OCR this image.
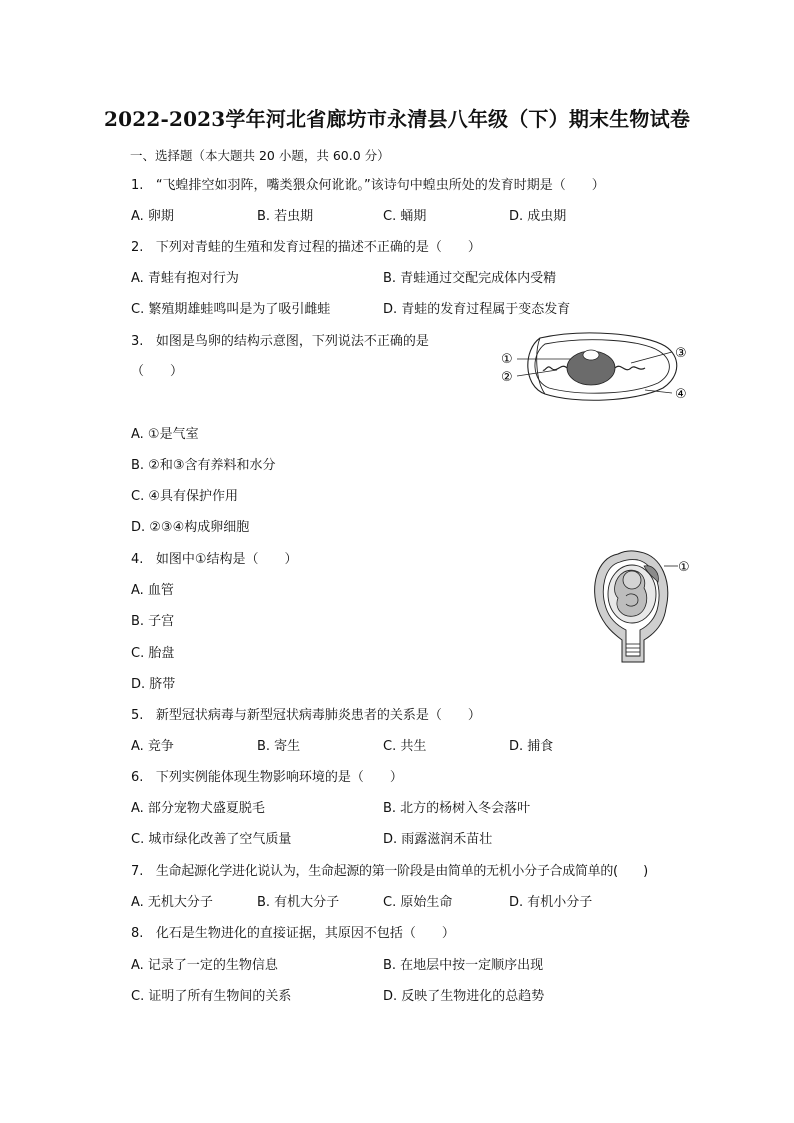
2022-2023学年河北省廊坊市永清县八年级（下）期末生物试卷
一、选择题（本大题共 20 小题，共 60.0 分）
1. “飞蝗排空如羽阵，嘴类猥众何讹讹。”该诗句中蝗虫所处的发育时期是（　　）
A. 卵期	B. 若虫期	C. 蛹期	D. 成虫期
2. 下列对青蛙的生殖和发育过程的描述不正确的是（　　）
A. 青蛙有抱对行为	B. 青蛙通过交配完成体内受精
C. 繁殖期雄蛙鸣叫是为了吸引雌蛙	D. 青蛙的发育过程属于变态发育
3. 如图是鸟卵的结构示意图，下列说法不正确的是
（　　）
①
②
③
④
A. ①是气室
B. ②和③含有养料和水分
C. ④具有保护作用
D. ②③④构成卵细胞
4. 如图中①结构是（　　）
①
A. 血管
B. 子宫
C. 胎盘
D. 脐带
5. 新型冠状病毒与新型冠状病毒肺炎患者的关系是（　　）
A. 竞争	B. 寄生	C. 共生	D. 捕食
6. 下列实例能体现生物影响环境的是（　　）
A. 部分宠物犬盛夏脱毛	B. 北方的杨树入冬会落叶
C. 城市绿化改善了空气质量	D. 雨露滋润禾苗壮
7. 生命起源化学进化说认为，生命起源的第一阶段是由简单的无机小分子合成简单的(　　)
A. 无机大分子	B. 有机大分子	C. 原始生命	D. 有机小分子
8. 化石是生物进化的直接证据，其原因不包括（　　）
A. 记录了一定的生物信息	B. 在地层中按一定顺序出现
C. 证明了所有生物间的关系	D. 反映了生物进化的总趋势
